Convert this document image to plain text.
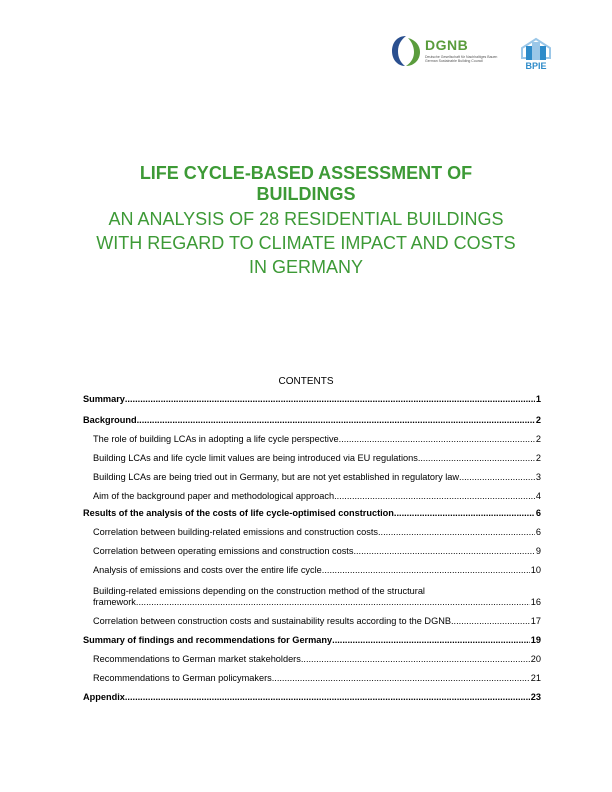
DGNB
Deutsche Gesellschaft für Nachhaltiges Bauen German Sustainable Building Council	BPIE
LIFE CYCLE-BASED ASSESSMENT OF BUILDINGS
AN ANALYSIS OF 28 RESIDENTIAL BUILDINGS
WITH REGARD TO CLIMATE IMPACT AND COSTS
IN GERMANY
CONTENTS
Summary .....	1
Background .....	2
The role of building LCAs in adopting a life cycle perspective .....	2
Building LCAs and life cycle limit values are being introduced via EU regulations .....	2
Building LCAs are being tried out in Germany, but are not yet established in regulatory law .....	3
Aim of the background paper and methodological approach .....	4
Results of the analysis of the costs of life cycle-optimised construction .....	6
Correlation between building-related emissions and construction costs .....	6
Correlation between operating emissions and construction costs .....	9
Analysis of emissions and costs over the entire life cycle .....	10
Building-related emissions depending on the construction method of the structural
framework .....	16
Correlation between construction costs and sustainability results according to the DGNB .....	17
Summary of findings and recommendations for Germany .....	19
Recommendations to German market stakeholders .....	20
Recommendations to German policymakers .....	21
Appendix .....	23
